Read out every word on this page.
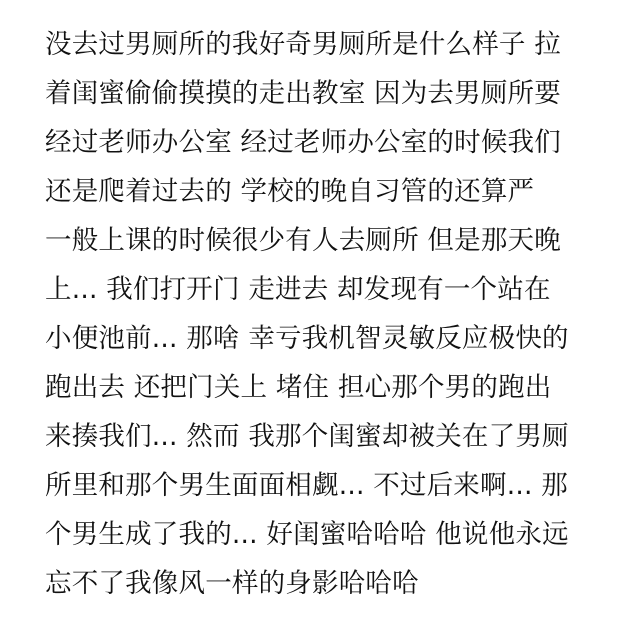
没去过男厕所的我好奇男厕所是什么样子 拉
着闺蜜偷偷摸摸的走出教室 因为去男厕所要
经过老师办公室 经过老师办公室的时候我们
还是爬着过去的 学校的晚自习管的还算严
一般上课的时候很少有人去厕所 但是那天晚
上... 我们打开门 走进去 却发现有一个站在
小便池前... 那啥 幸亏我机智灵敏反应极快的
跑出去 还把门关上 堵住 担心那个男的跑出
来揍我们... 然而 我那个闺蜜却被关在了男厕
所里和那个男生面面相觑... 不过后来啊... 那
个男生成了我的... 好闺蜜哈哈哈 他说他永远
忘不了我像风一样的身影哈哈哈
